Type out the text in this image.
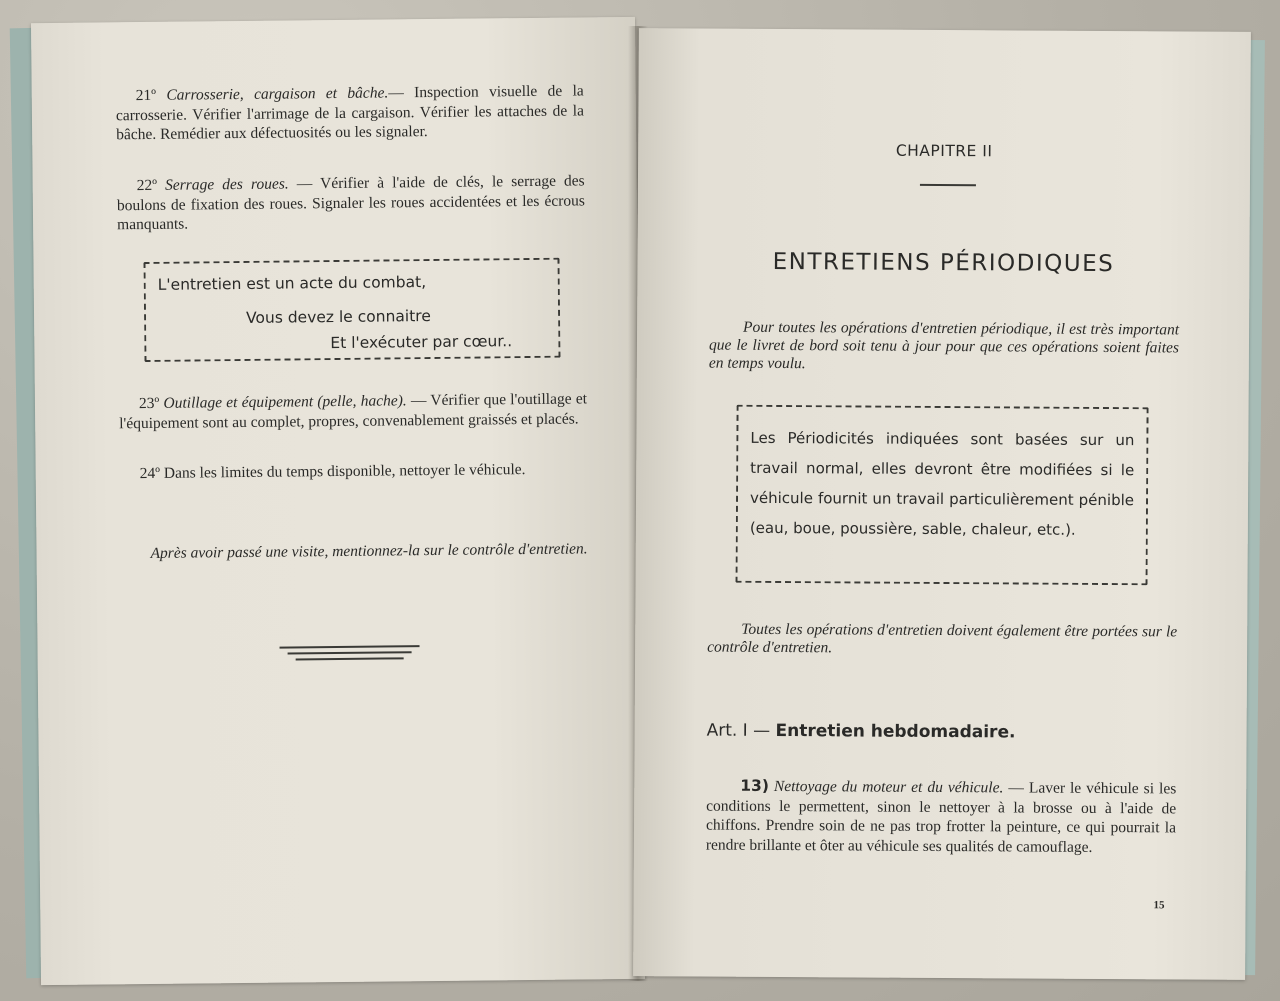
21º Carrosserie, cargaison et bâche.— Inspection visuelle de la carrosserie. Vérifier l'arrimage de la cargaison. Vérifier les attaches de la bâche. Remédier aux défectuosités ou les signaler.
22º Serrage des roues. — Vérifier à l'aide de clés, le serrage des boulons de fixation des roues. Signaler les roues accidentées et les écrous manquants.
L'entretien est un acte du combat,
Vous devez le connaitre
Et l'exécuter par cœur..
23º Outillage et équipement (pelle, hache). — Vérifier que l'outillage et l'équipement sont au complet, propres, convenablement graissés et placés.
24º Dans les limites du temps disponible, nettoyer le véhicule.
Après avoir passé une visite, mentionnez-la sur le contrôle d'entretien.
CHAPITRE II
ENTRETIENS PÉRIODIQUES
Pour toutes les opérations d'entretien périodique, il est très important que le livret de bord soit tenu à jour pour que ces opérations soient faites en temps voulu.
Les Périodicités indiquées sont basées sur un travail normal, elles devront être modifiées si le véhicule fournit un travail particulièrement pénible (eau, boue, poussière, sable, chaleur, etc.).
Toutes les opérations d'entretien doivent également être portées sur le contrôle d'entretien.
Art. I — Entretien hebdomadaire.
13) Nettoyage du moteur et du véhicule. — Laver le véhicule si les conditions le permettent, sinon le nettoyer à la brosse ou à l'aide de chiffons. Prendre soin de ne pas trop frotter la peinture, ce qui pourrait la rendre brillante et ôter au véhicule ses qualités de camouflage.
15
